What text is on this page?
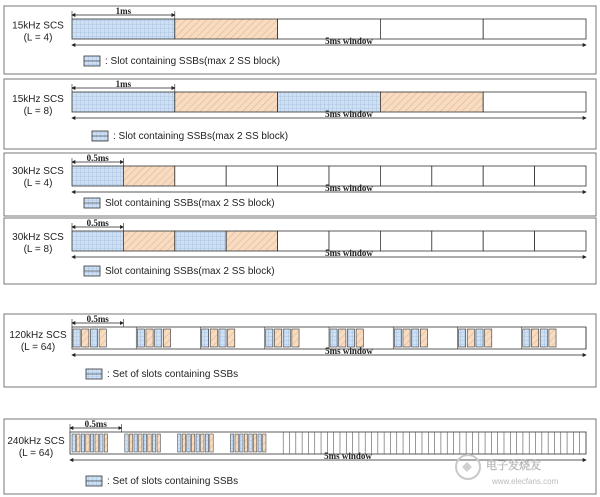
15kHz SCS
(L = 4)
1ms
5ms window
: Slot containing SSBs(max 2 SS block)
15kHz SCS
(L = 8)
1ms
5ms window
: Slot containing SSBs(max 2 SS block)
30kHz SCS
(L = 4)
0.5ms
5ms window
Slot containing SSBs(max 2 SS block)
30kHz SCS
(L = 8)
0.5ms
5ms window
Slot containing SSBs(max 2 SS block)
120kHz SCS
(L = 64)
0.5ms
5ms window
: Set of slots containing SSBs
240kHz SCS
(L = 64)
0.5ms
5ms window
: Set of slots containing SSBs
电子发烧友
www.elecfans.com
